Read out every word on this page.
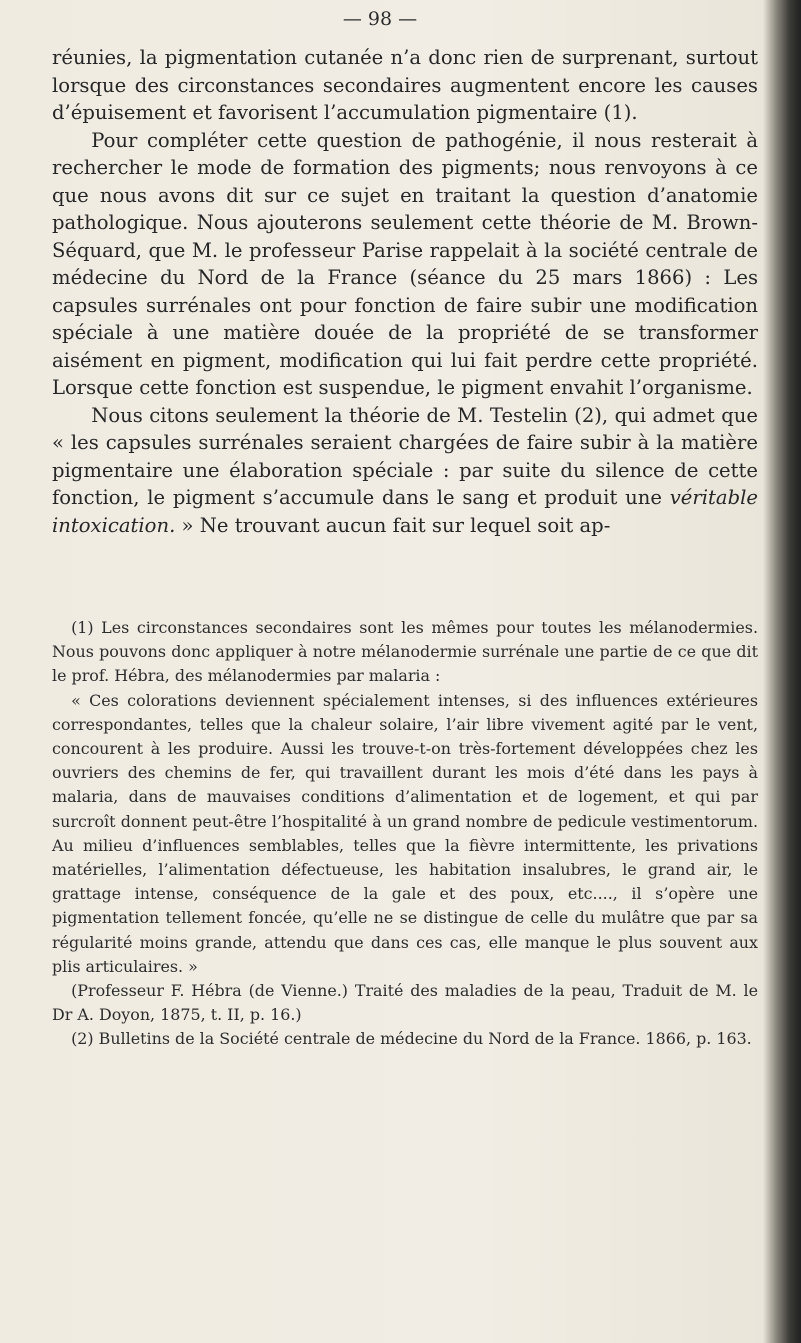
— 98 —

réunies, la pigmentation cutanée n’a donc rien de surprenant, surtout lorsque des circonstances secondaires augmentent encore les causes d’épuisement et favorisent l’accumulation pigmentaire (1).

Pour compléter cette question de pathogénie, il nous resterait à rechercher le mode de formation des pigments; nous renvoyons à ce que nous avons dit sur ce sujet en traitant la question d’anatomie pathologique. Nous ajouterons seulement cette théorie de M. Brown-Séquard, que M. le professeur Parise rappelait à la société centrale de médecine du Nord de la France (séance du 25 mars 1866) : Les capsules surrénales ont pour fonction de faire subir une modification spéciale à une matière douée de la propriété de se transformer aisément en pigment, modification qui lui fait perdre cette propriété. Lorsque cette fonction est suspendue, le pigment envahit l’organisme.

Nous citons seulement la théorie de M. Testelin (2), qui admet que « les capsules surrénales seraient chargées de faire subir à la matière pigmentaire une élaboration spéciale : par suite du silence de cette fonction, le pigment s’accumule dans le sang et produit une véritable intoxication. » Ne trouvant aucun fait sur lequel soit ap-

(1) Les circonstances secondaires sont les mêmes pour toutes les mélanodermies. Nous pouvons donc appliquer à notre mélanodermie surrénale une partie de ce que dit le prof. Hébra, des mélanodermies par malaria :

« Ces colorations deviennent spécialement intenses, si des influences extérieures correspondantes, telles que la chaleur solaire, l’air libre vivement agité par le vent, concourent à les produire. Aussi les trouve-t-on très-fortement développées chez les ouvriers des chemins de fer, qui travaillent durant les mois d’été dans les pays à malaria, dans de mauvaises conditions d’alimentation et de logement, et qui par surcroît donnent peut-être l’hospitalité à un grand nombre de pedicule vestimentorum. Au milieu d’influences semblables, telles que la fièvre intermittente, les privations matérielles, l’alimentation défectueuse, les habitation insalubres, le grand air, le grattage intense, conséquence de la gale et des poux, etc...., il s’opère une pigmentation tellement foncée, qu’elle ne se distingue de celle du mulâtre que par sa régularité moins grande, attendu que dans ces cas, elle manque le plus souvent aux plis articulaires. »

(Professeur F. Hébra (de Vienne.) Traité des maladies de la peau, Traduit de M. le Dr A. Doyon, 1875, t. II, p. 16.)

(2) Bulletins de la Société centrale de médecine du Nord de la France. 1866, p. 163.
